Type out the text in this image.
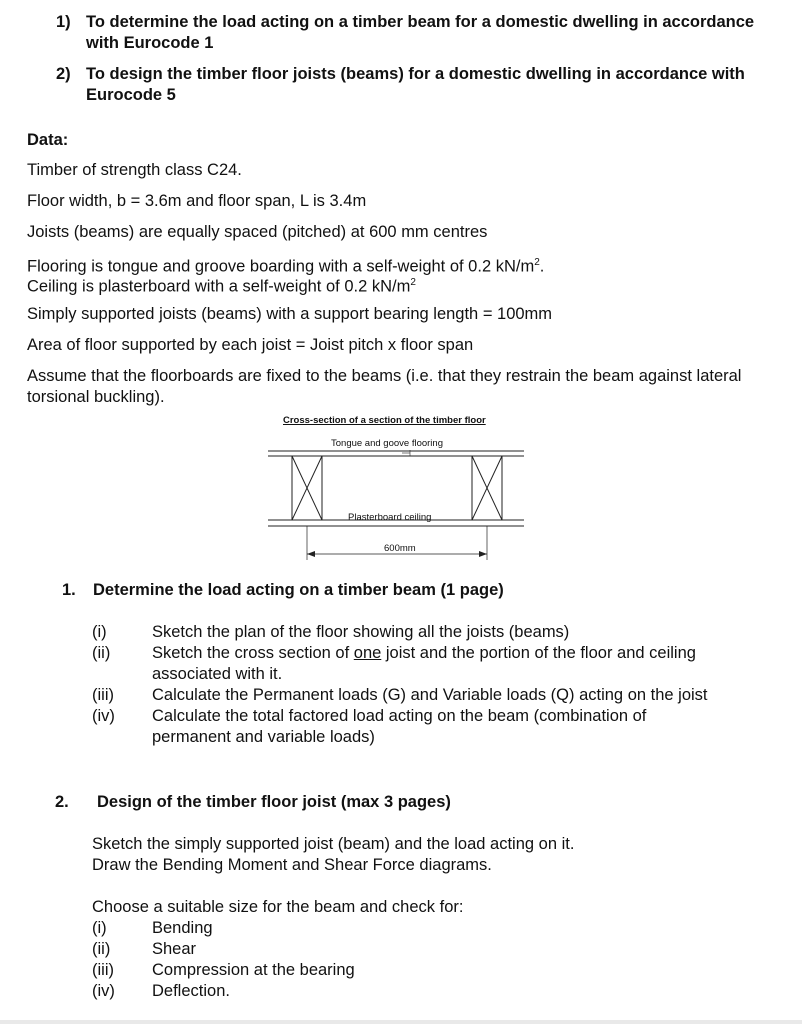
1) To determine the load acting on a timber beam for a domestic dwelling in accordance with Eurocode 1
2) To design the timber floor joists (beams) for a domestic dwelling in accordance with Eurocode 5
Data:
Timber of strength class C24.
Floor width, b = 3.6m and floor span, L is 3.4m
Joists (beams) are equally spaced (pitched) at 600 mm centres
Flooring is tongue and groove boarding with a self-weight of 0.2 $kN/m^2$.
Ceiling is plasterboard with a self-weight of 0.2 $kN/m^2$
Simply supported joists (beams) with a support bearing length = 100mm
Area of floor supported by each joist = Joist pitch x floor span
Assume that the floorboards are fixed to the beams (i.e. that they restrain the beam against lateral torsional buckling).
Cross-section of a section of the timber floor
Tongue and goove flooring
Plasterboard ceiling
600mm
1. Determine the load acting on a timber beam (1 page)
(i)	Sketch the plan of the floor showing all the joists (beams)
(ii)	Sketch the cross section of one joist and the portion of the floor and ceiling associated with it.
(iii) Calculate the Permanent loads (G) and Variable loads (Q) acting on the joist
(iv) Calculate the total factored load acting on the beam (combination of permanent and variable loads)
2. Design of the timber floor joist (max 3 pages)
Sketch the simply supported joist (beam) and the load acting on it.
Draw the Bending Moment and Shear Force diagrams.
Choose a suitable size for the beam and check for:
(i)	Bending
(ii)	Shear
(iii) Compression at the bearing
(iv) Deflection.
